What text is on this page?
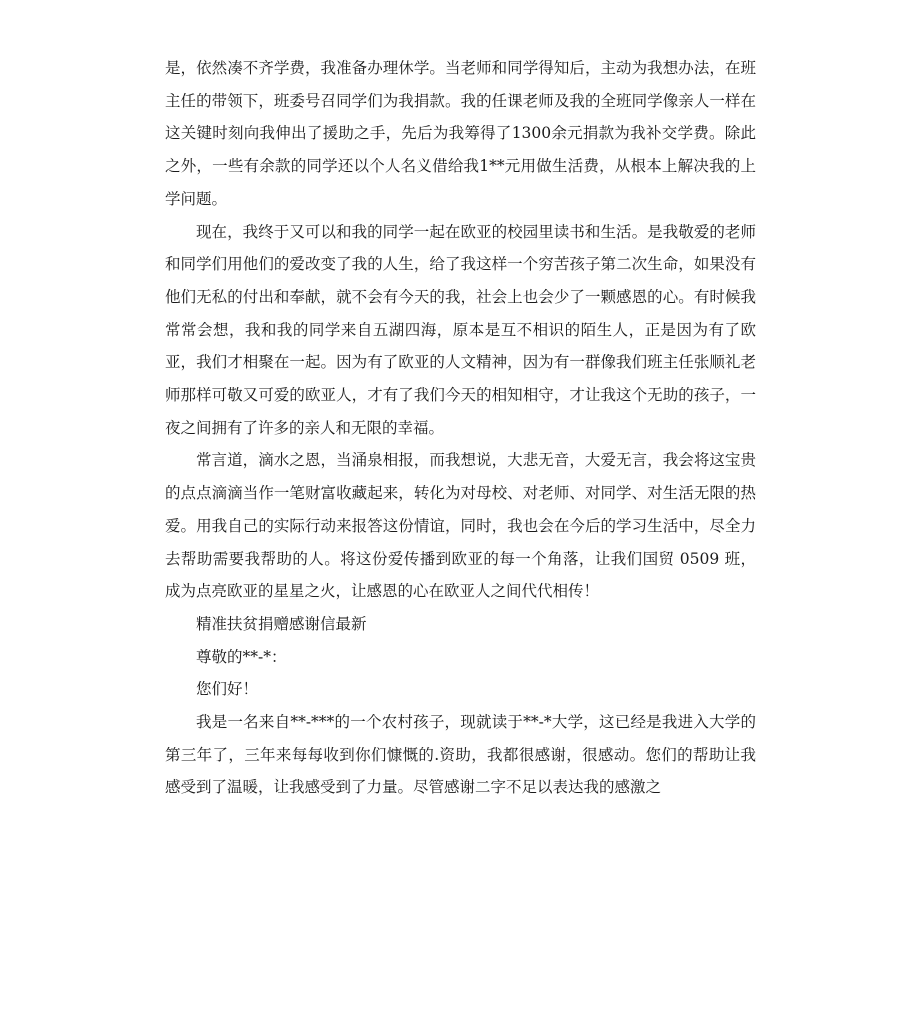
是，依然凑不齐学费，我准备办理休学。当老师和同学得知后，主动为我想办法，在班主任的带领下，班委号召同学们为我捐款。我的任课老师及我的全班同学像亲人一样在这关键时刻向我伸出了援助之手，先后为我筹得了1300余元捐款为我补交学费。除此之外，一些有余款的同学还以个人名义借给我1**元用做生活费，从根本上解决我的上学问题。

现在，我终于又可以和我的同学一起在欧亚的校园里读书和生活。是我敬爱的老师和同学们用他们的爱改变了我的人生，给了我这样一个穷苦孩子第二次生命，如果没有他们无私的付出和奉献，就不会有今天的我，社会上也会少了一颗感恩的心。有时候我常常会想，我和我的同学来自五湖四海，原本是互不相识的陌生人，正是因为有了欧亚，我们才相聚在一起。因为有了欧亚的人文精神，因为有一群像我们班主任张顺礼老师那样可敬又可爱的欧亚人，才有了我们今天的相知相守，才让我这个无助的孩子，一夜之间拥有了许多的亲人和无限的幸福。

常言道，滴水之恩，当涌泉相报，而我想说，大悲无音，大爱无言，我会将这宝贵的点点滴滴当作一笔财富收藏起来，转化为对母校、对老师、对同学、对生活无限的热爱。用我自己的实际行动来报答这份情谊，同时，我也会在今后的学习生活中，尽全力去帮助需要我帮助的人。将这份爱传播到欧亚的每一个角落，让我们国贸 0509 班，成为点亮欧亚的星星之火，让感恩的心在欧亚人之间代代相传！

精准扶贫捐赠感谢信最新

尊敬的**-*：

您们好！

我是一名来自**-***的一个农村孩子，现就读于**-*大学，这已经是我进入大学的第三年了，三年来每每收到你们慷慨的.资助，我都很感谢，很感动。您们的帮助让我感受到了温暖，让我感受到了力量。尽管感谢二字不足以表达我的感激之
